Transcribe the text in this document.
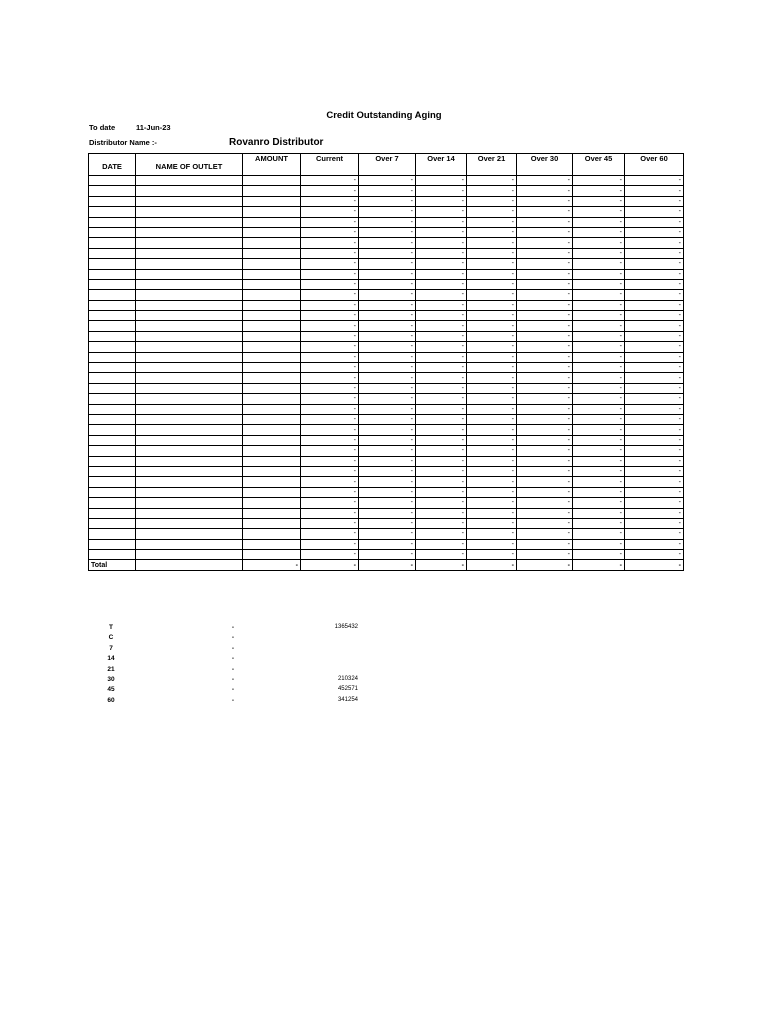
Credit Outstanding Aging
To date	11-Jun-23
Distributor Name :-	Rovanro Distributor
DATE	NAME OF OUTLET	AMOUNT	Current	Over 7	Over 14	Over 21	Over 30	Over 45	Over 60
			-	-	-	-	-	-	-
			-	-	-	-	-	-	-
			-	-	-	-	-	-	-
			-	-	-	-	-	-	-
			-	-	-	-	-	-	-
			-	-	-	-	-	-	-
			-	-	-	-	-	-	-
			-	-	-	-	-	-	-
			-	-	-	-	-	-	-
			-	-	-	-	-	-	-
			-	-	-	-	-	-	-
			-	-	-	-	-	-	-
			-	-	-	-	-	-	-
			-	-	-	-	-	-	-
			-	-	-	-	-	-	-
			-	-	-	-	-	-	-
			-	-	-	-	-	-	-
			-	-	-	-	-	-	-
			-	-	-	-	-	-	-
			-	-	-	-	-	-	-
			-	-	-	-	-	-	-
			-	-	-	-	-	-	-
			-	-	-	-	-	-	-
			-	-	-	-	-	-	-
			-	-	-	-	-	-	-
			-	-	-	-	-	-	-
			-	-	-	-	-	-	-
			-	-	-	-	-	-	-
			-	-	-	-	-	-	-
			-	-	-	-	-	-	-
			-	-	-	-	-	-	-
			-	-	-	-	-	-	-
			-	-	-	-	-	-	-
			-	-	-	-	-	-	-
			-	-	-	-	-	-	-
			-	-	-	-	-	-	-
			-	-	-	-	-	-	-
Total		-	-	-	-	-	-	-	-
T	-	1365432
C	-
7	-
14	-
21	-
30	-	210324
45	-	452571
60	-	341254
